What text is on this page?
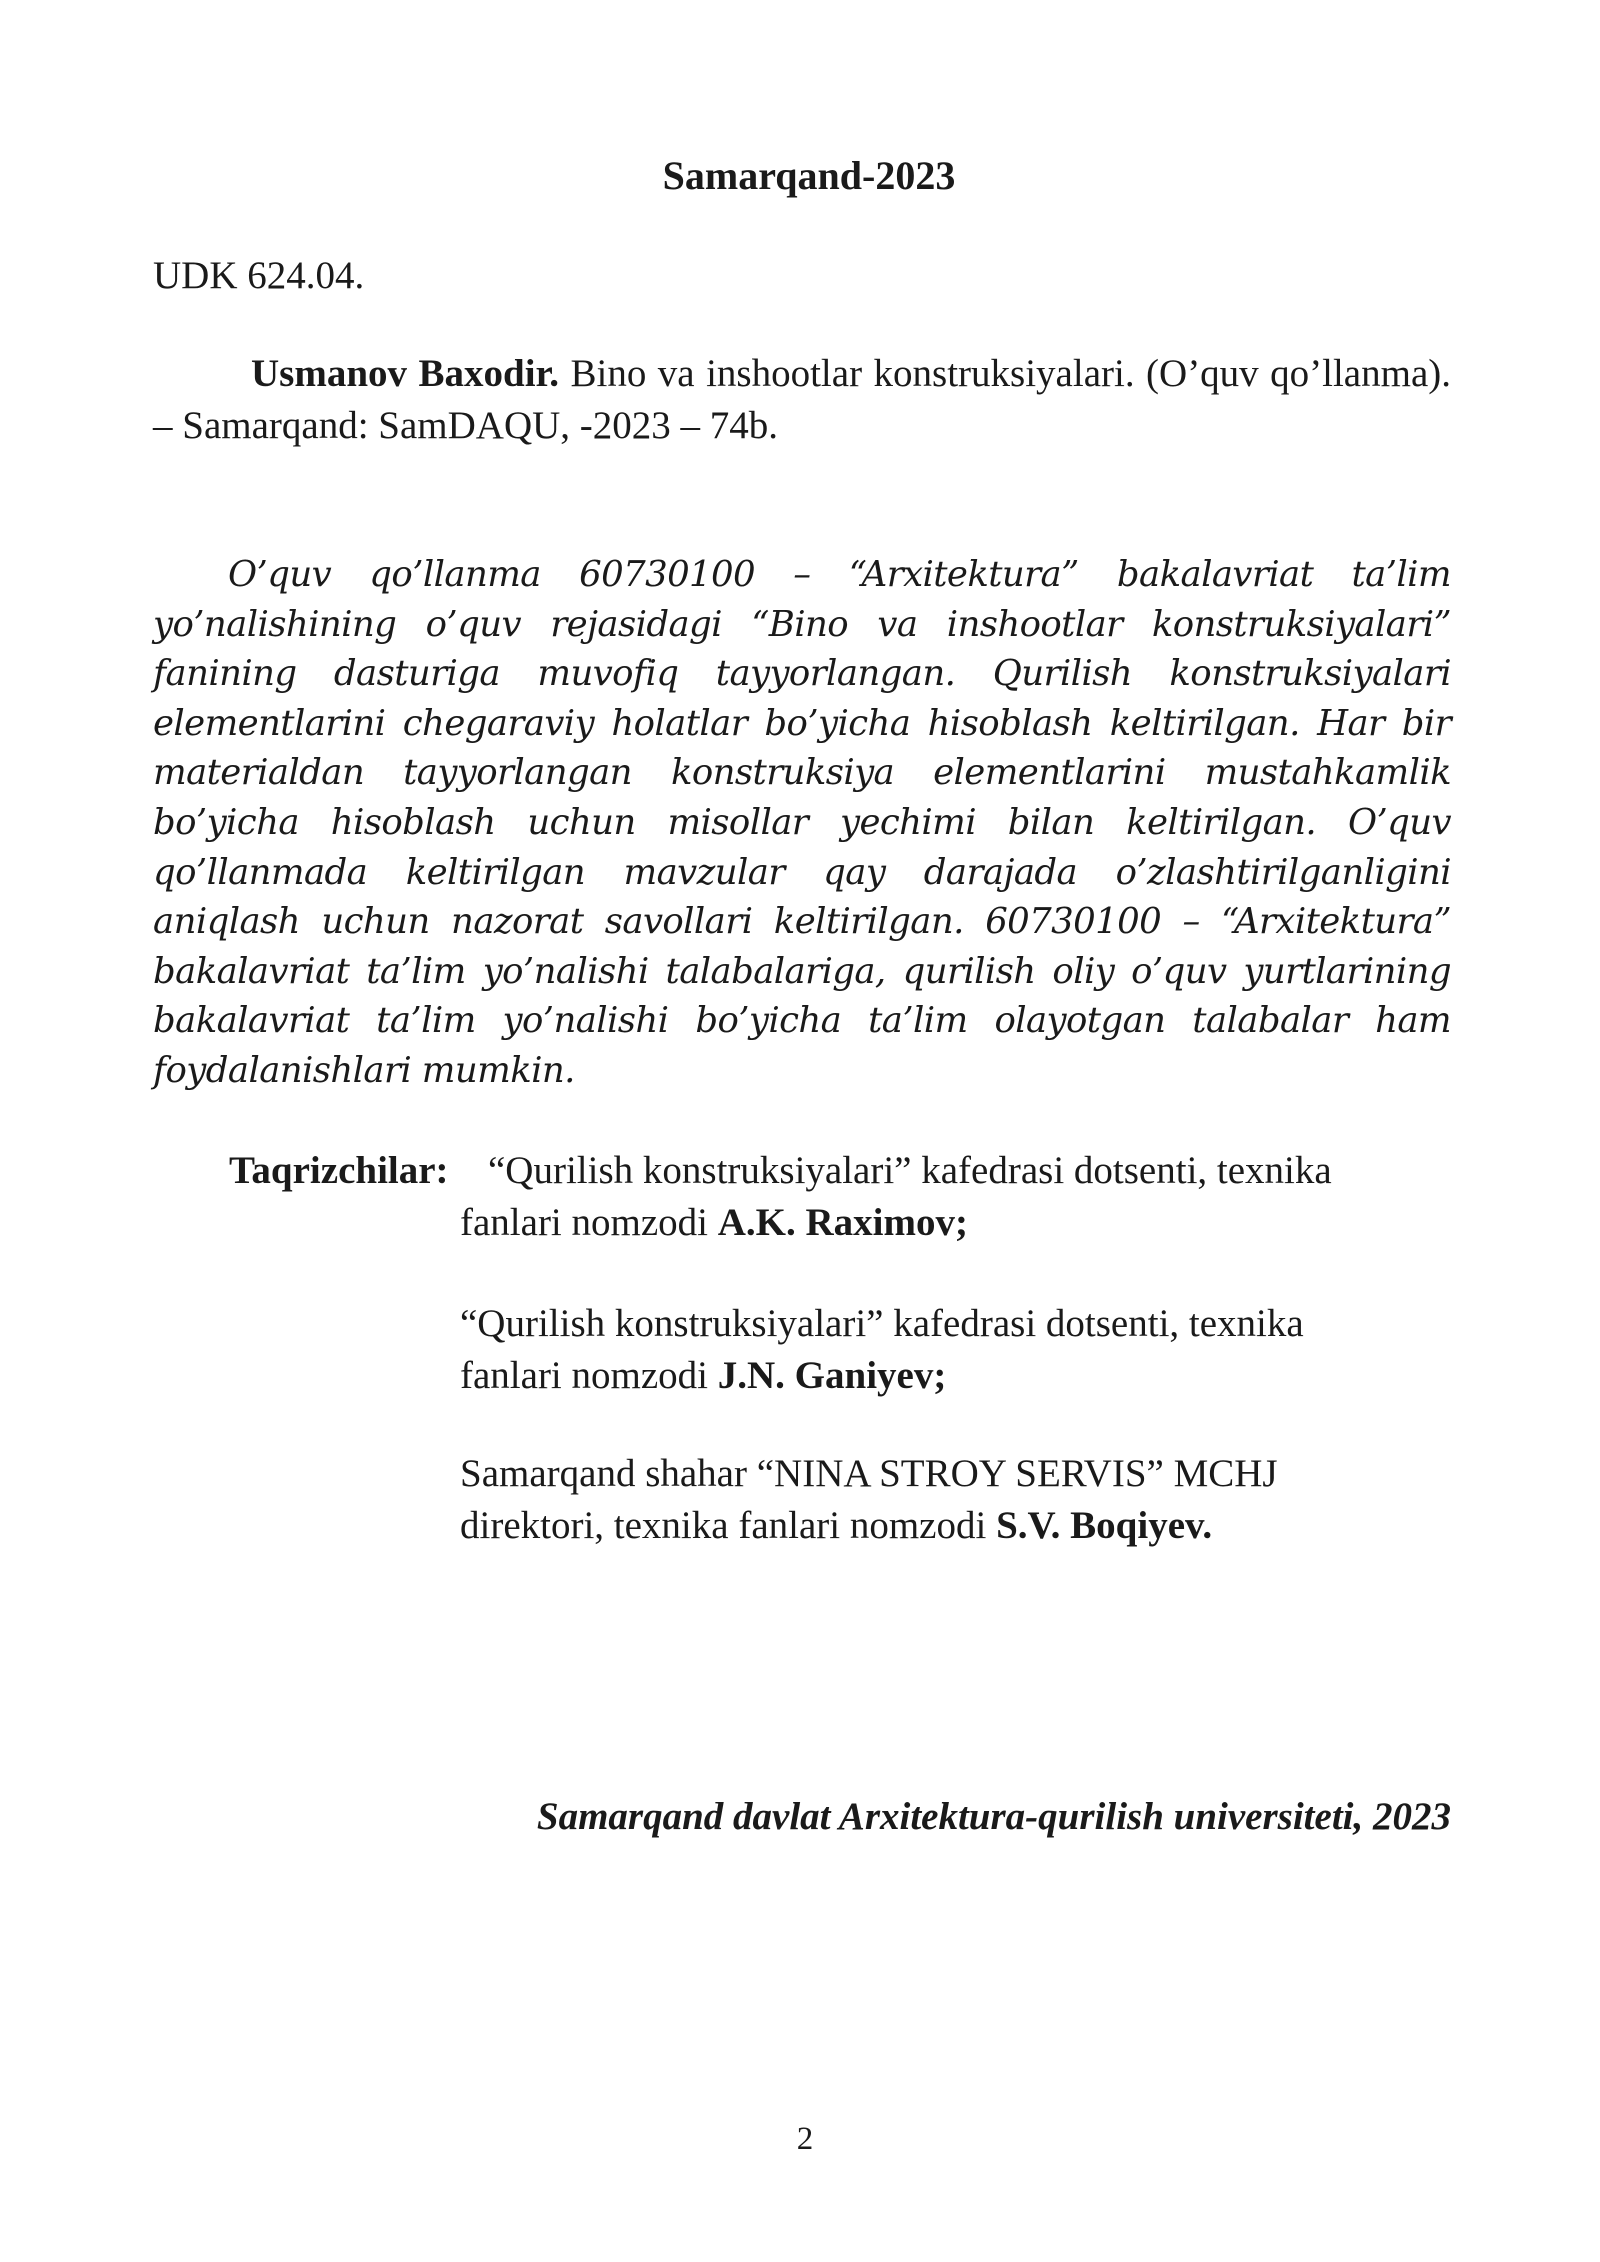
Samarqand-2023
UDK 624.04.
Usmanov Baxodir. Bino va inshootlar konstruksiyalari. (O’quv qo’llanma). – Samarqand: SamDAQU, -2023 – 74b.
O’quv qo’llanma 60730100 – “Arxitektura” bakalavriat ta’lim yo’nalishining o’quv rejasidagi “Bino va inshootlar konstruksiyalari” fanining dasturiga muvofiq tayyorlangan. Qurilish konstruksiyalari elementlarini chegaraviy holatlar bo’yicha hisoblash keltirilgan. Har bir materialdan tayyorlangan konstruksiya elementlarini mustahkamlik bo’yicha hisoblash uchun misollar yechimi bilan keltirilgan. O’quv qo’llanmada keltirilgan mavzular qay darajada o’zlashtirilganligini aniqlash uchun nazorat savollari keltirilgan. 60730100 – “Arxitektura” bakalavriat ta’lim yo’nalishi talabalariga, qurilish oliy o’quv yurtlarining bakalavriat ta’lim yo’nalishi bo’yicha ta’lim olayotgan talabalar ham foydalanishlari mumkin.
Taqrizchilar: “Qurilish konstruksiyalari” kafedrasi dotsenti, texnika
fanlari nomzodi A.K. Raximov;
“Qurilish konstruksiyalari” kafedrasi dotsenti, texnika
fanlari nomzodi J.N. Ganiyev;
Samarqand shahar “NINA STROY SERVIS” MCHJ
direktori, texnika fanlari nomzodi S.V. Boqiyev.
Samarqand davlat Arxitektura-qurilish universiteti, 2023
2
